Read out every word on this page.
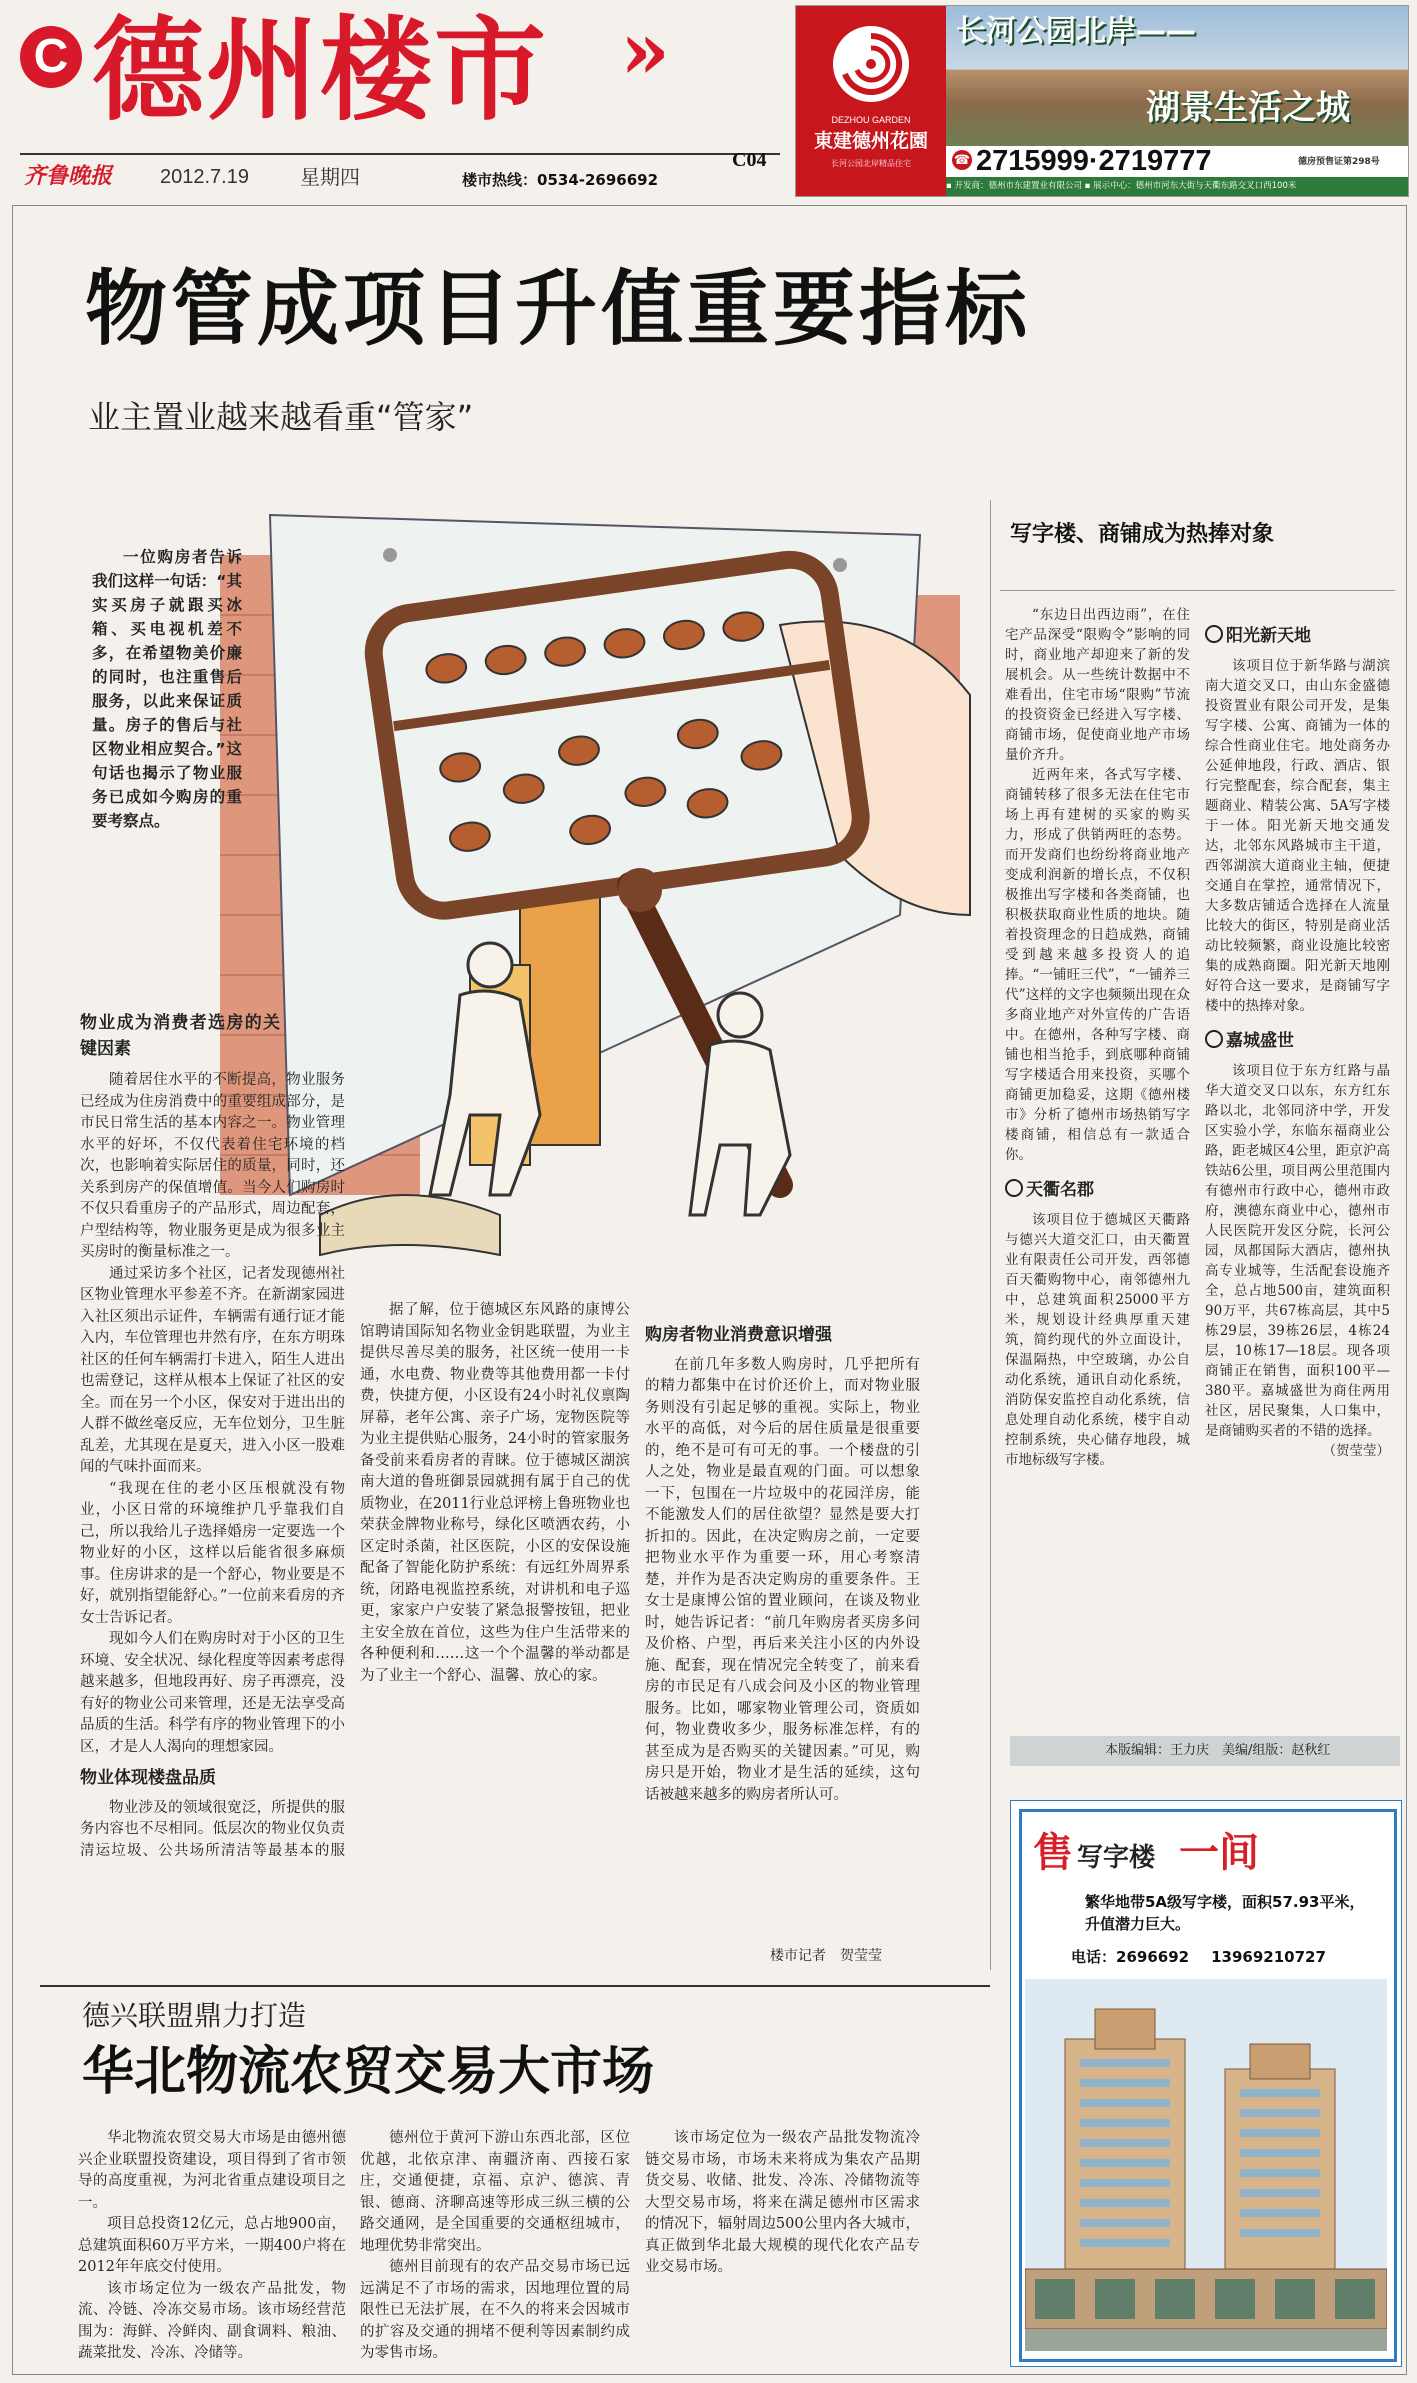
C 德州楼市 »
齐鲁晚报 2012.7.19	星期四	楼市热线：0534-2696692
C04
DEZHOU GARDEN
東建德州花園
长河公园北岸精品住宅
长河公园北岸——
湖景生活之城
☎ 2715999·2719777	德房预售证第298号
▪ 开发商：德州市东建置业有限公司 ▪ 展示中心：德州市河东大街与天衢东路交叉口西100米
物管成项目升值重要指标
业主置业越来越看重“管家”

一位购房者告诉我们这样一句话：“其实买房子就跟买冰箱、买电视机差不多，在希望物美价廉的同时，也注重售后服务，以此来保证质量。房子的售后与社区物业相应契合。”这句话也揭示了物业服务已成如今购房的重要考察点。

物业成为消费者选房的关键因素

随着居住水平的不断提高，物业服务已经成为住房消费中的重要组成部分，是市民日常生活的基本内容之一。物业管理水平的好坏，不仅代表着住宅环境的档次，也影响着实际居住的质量，同时，还关系到房产的保值增值。当今人们购房时不仅只看重房子的产品形式，周边配套，户型结构等，物业服务更是成为很多业主买房时的衡量标准之一。

通过采访多个社区，记者发现德州社区物业管理水平参差不齐。在新湖家园进入社区须出示证件，车辆需有通行证才能入内，车位管理也井然有序，在东方明珠社区的任何车辆需打卡进入，陌生人进出也需登记，这样从根本上保证了社区的安全。而在另一个小区，保安对于进出出的人群不做丝毫反应，无车位划分，卫生脏乱差，尤其现在是夏天，进入小区一股难闻的气味扑面而来。

“我现在住的老小区压根就没有物业，小区日常的环境维护几乎靠我们自己，所以我给儿子选择婚房一定要选一个物业好的小区，这样以后能省很多麻烦事。住房讲求的是一个舒心，物业要是不好，就别指望能舒心。”一位前来看房的齐女士告诉记者。

现如今人们在购房时对于小区的卫生环境、安全状况、绿化程度等因素考虑得越来越多，但地段再好、房子再漂亮，没有好的物业公司来管理，还是无法享受高品质的生活。科学有序的物业管理下的小区，才是人人渴向的理想家园。

物业体现楼盘品质

物业涉及的领域很宽泛，所提供的服务内容也不尽相同。低层次的物业仅负责清运垃圾、公共场所清洁等最基本的服

据了解，位于德城区东风路的康博公馆聘请国际知名物业金钥匙联盟，为业主提供尽善尽美的服务，社区统一使用一卡通，水电费、物业费等其他费用都一卡付费，快捷方便，小区设有24小时礼仪禀陶屏幕，老年公寓、亲子广场，宠物医院等为业主提供贴心服务，24小时的管家服务备受前来看房者的青睐。位于德城区湖滨南大道的鲁班御景园就拥有属于自己的优质物业，在2011行业总评榜上鲁班物业也荣获金牌物业称号，绿化区喷洒农药，小区定时杀菌，社区医院，小区的安保设施配备了智能化防护系统：有远红外周界系统，闭路电视监控系统，对讲机和电子巡更，家家户户安装了紧急报警按钮，把业主安全放在首位，这些为住户生活带来的各种便利和……这一个个温馨的举动都是为了业主一个舒心、温馨、放心的家。

购房者物业消费意识增强

在前几年多数人购房时，几乎把所有的精力都集中在讨价还价上，而对物业服务则没有引起足够的重视。实际上，物业水平的高低，对今后的居住质量是很重要的，绝不是可有可无的事。一个楼盘的引人之处，物业是最直观的门面。可以想象一下，包围在一片垃圾中的花园洋房，能不能激发人们的居住欲望？显然是要大打折扣的。因此，在决定购房之前，一定要把物业水平作为重要一环，用心考察清楚，并作为是否决定购房的重要条件。王女士是康博公馆的置业顾问，在谈及物业时，她告诉记者：“前几年购房者买房多问及价格、户型，再后来关注小区的内外设施、配套，现在情况完全转变了，前来看房的市民足有八成会问及小区的物业管理服务。比如，哪家物业管理公司，资质如何，物业费收多少，服务标准怎样，有的甚至成为是否购买的关键因素。”可见，购房只是开始，物业才是生活的延续，这句话被越来越多的购房者所认可。

楼市记者　贺莹莹
写字楼、商铺成为热捧对象

“东边日出西边雨”，在住宅产品深受“限购令”影响的同时，商业地产却迎来了新的发展机会。从一些统计数据中不难看出，住宅市场“限购”节流的投资资金已经进入写字楼、商铺市场，促使商业地产市场量价齐升。

近两年来，各式写字楼、商铺转移了很多无法在住宅市场上再有建树的买家的购买力，形成了供销两旺的态势。而开发商们也纷纷将商业地产变成利润新的增长点，不仅积极推出写字楼和各类商铺，也积极获取商业性质的地块。随着投资理念的日趋成熟，商铺受到越来越多投资人的追捧。“一铺旺三代”，“一铺养三代”这样的文字也频频出现在众多商业地产对外宣传的广告语中。在德州，各种写字楼、商铺也相当抢手，到底哪种商铺写字楼适合用来投资，买哪个商铺更加稳妥，这期《德州楼市》分析了德州市场热销写字楼商铺，相信总有一款适合你。

天衢名郡

该项目位于德城区天衢路与德兴大道交汇口，由天衢置业有限责任公司开发，西邻德百天衢购物中心，南邻德州九中，总建筑面积25000平方米，规划设计经典厚重天建筑，简约现代的外立面设计，保温隔热，中空玻璃，办公自动化系统，通讯自动化系统，消防保安监控自动化系统，信息处理自动化系统，楼宇自动控制系统，央心储存地段，城市地标级写字楼。

阳光新天地

该项目位于新华路与湖滨南大道交叉口，由山东金盛德投资置业有限公司开发，是集写字楼、公寓、商铺为一体的综合性商业住宅。地处商务办公延伸地段，行政、酒店、银行完整配套，综合配套，集主题商业、精装公寓、5A写字楼于一体。阳光新天地交通发达，北邻东风路城市主干道，西邻湖滨大道商业主轴，便捷交通自在掌控，通常情况下，大多数店铺适合选择在人流量比较大的街区，特别是商业活动比较频繁，商业设施比较密集的成熟商圈。阳光新天地刚好符合这一要求，是商铺写字楼中的热捧对象。

嘉城盛世

该项目位于东方红路与晶华大道交叉口以东，东方红东路以北，北邻同济中学，开发区实验小学，东临东福商业公路，距老城区4公里，距京沪高铁站6公里，项目两公里范围内有德州市行政中心，德州市政府，澳德东商业中心，德州市人民医院开发区分院，长河公园，凤都国际大酒店，德州执高专业城等，生活配套设施齐全，总占地500亩，建筑面积90万平，共67栋高层，其中5栋29层，39栋26层，4栋24层，10栋17—18层。现各项商铺正在销售，面积100平—380平。嘉城盛世为商住两用社区，居民聚集，人口集中，是商铺购买者的不错的选择。

（贺莹莹）

本版编辑：王力庆　美编/组版：赵秋红
售写字楼 一间
繁华地带5A级写字楼，面积57.93平米，升值潜力巨大。
电话：2696692 13969210727
德兴联盟鼎力打造
华北物流农贸交易大市场

华北物流农贸交易大市场是由德州德兴企业联盟投资建设，项目得到了省市领导的高度重视，为河北省重点建设项目之一。

项目总投资12亿元，总占地900亩，总建筑面积60万平方米，一期400户将在2012年年底交付使用。

该市场定位为一级农产品批发，物流、冷链、冷冻交易市场。该市场经营范围为：海鲜、冷鲜肉、副食调料、粮油、蔬菜批发、冷冻、冷储等。

德州位于黄河下游山东西北部，区位优越，北依京津、南疆济南、西接石家庄，交通便捷，京福、京沪、德滨、青银、德商、济聊高速等形成三纵三横的公路交通网，是全国重要的交通枢纽城市，地理优势非常突出。

德州目前现有的农产品交易市场已远远满足不了市场的需求，因地理位置的局限性已无法扩展，在不久的将来会因城市的扩容及交通的拥堵不便利等因素制约成为零售市场。

该市场定位为一级农产品批发物流冷链交易市场，市场未来将成为集农产品期货交易、收储、批发、冷冻、冷储物流等大型交易市场，将来在满足德州市区需求的情况下，辐射周边500公里内各大城市，真正做到华北最大规模的现代化农产品专业交易市场。
